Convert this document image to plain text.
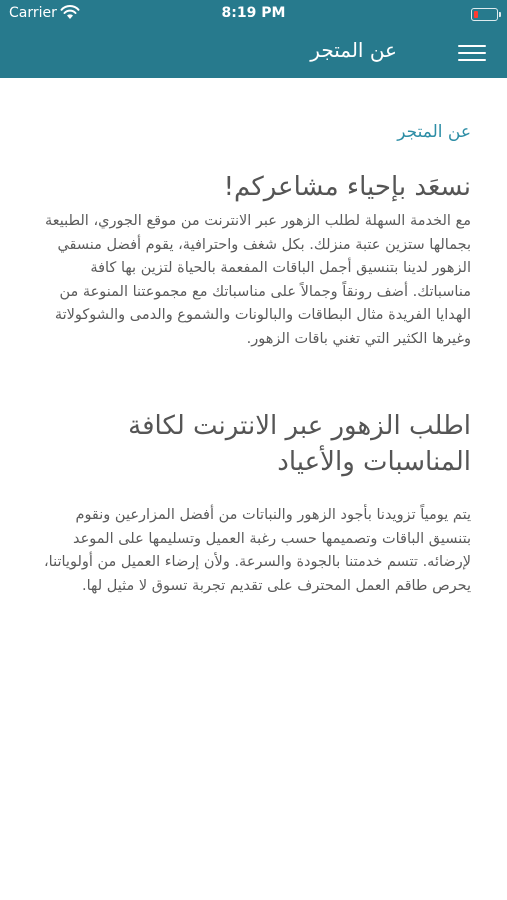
Carrier	8:19 PM
عن المتجر
عن المتجر
نسعَد بإحياء مشاعركم!

مع الخدمة السهلة لطلب الزهور عبر الانترنت من موقع الجوري، الطبيعة بجمالها ستزين عتبة منزلك. بكل شغف واحترافية، يقوم أفضل منسقي الزهور لدينا بتنسيق أجمل الباقات المفعمة بالحياة لتزين بها كافة مناسباتك. أضف رونقاً وجمالاً على مناسباتك مع مجموعتنا المنوعة من الهدايا الفريدة مثال البطاقات والبالونات والشموع والدمى والشوكولاتة وغيرها الكثير التي تغني باقات الزهور.

اطلب الزهور عبر الانترنت لكافة المناسبات والأعياد

يتم يومياً تزويدنا بأجود الزهور والنباتات من أفضل المزارعين ونقوم بتنسيق الباقات وتصميمها حسب رغبة العميل وتسليمها على الموعد لإرضائه. تتسم خدمتنا بالجودة والسرعة. ولأن إرضاء العميل من أولوياتنا، يحرص طاقم العمل المحترف على تقديم تجربة تسوق لا مثيل لها.
